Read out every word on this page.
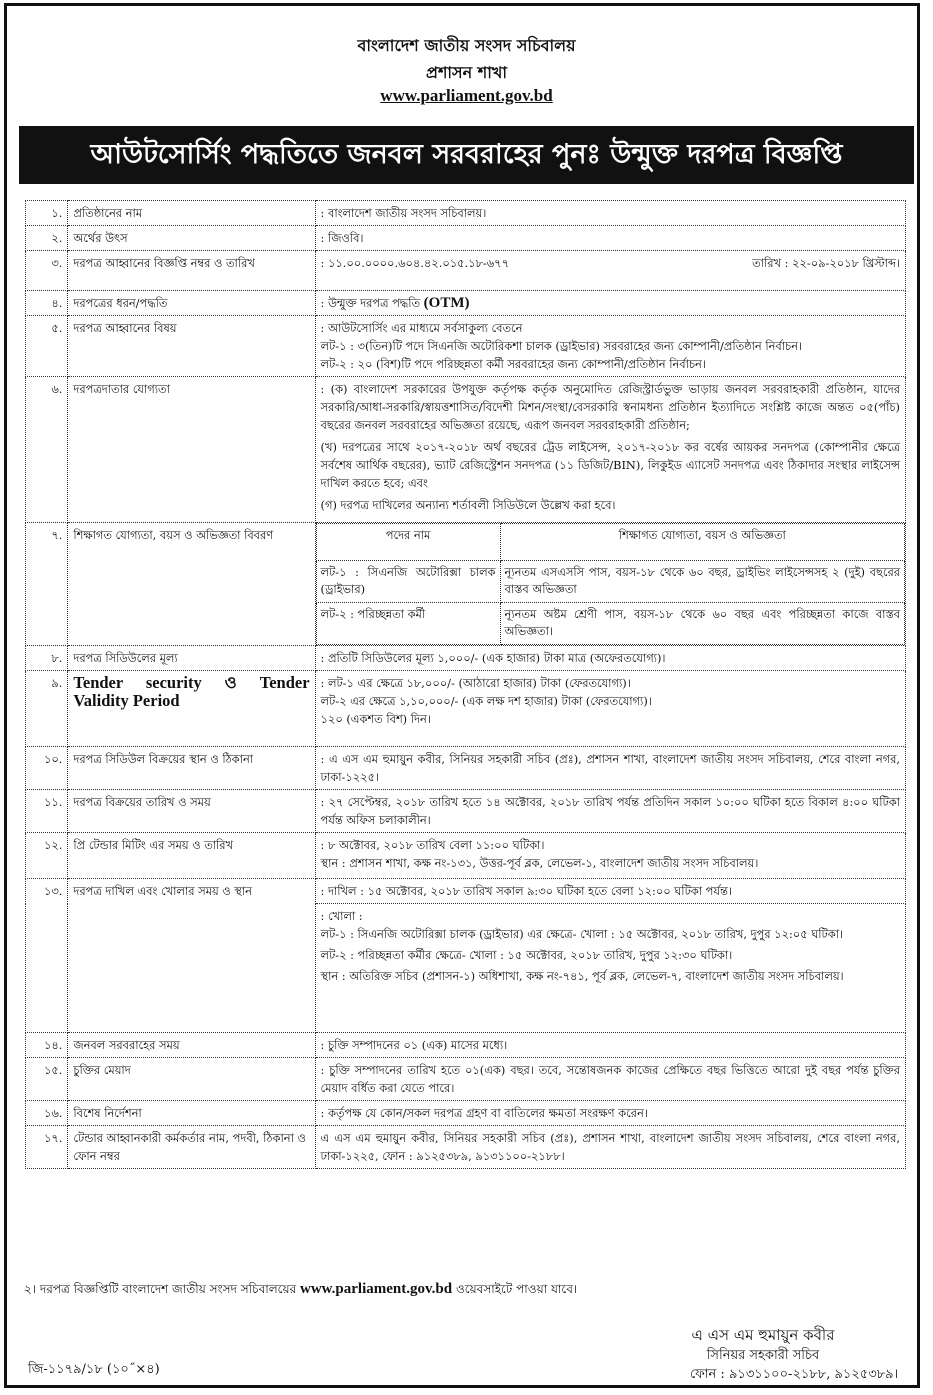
বাংলাদেশ জাতীয় সংসদ সচিবালয়
প্রশাসন শাখা
www.parliament.gov.bd
আউটসোর্সিং পদ্ধতিতে জনবল সরবরাহের পুনঃ উন্মুক্ত দরপত্র বিজ্ঞপ্তি
১.	প্রতিষ্ঠানের নাম	: বাংলাদেশ জাতীয় সংসদ সচিবালয়।
২.	অর্থের উৎস	: জিওবি।
৩.	দরপত্র আহ্বানের বিজ্ঞপ্তি নম্বর ও তারিখ	: ১১.০০.০০০০.৬০৪.৪২.০১৫.১৮-৬৭৭	তারিখ : ২২-০৯-২০১৮ খ্রিস্টাব্দ।

৪.	দরপত্রের ধরন/পদ্ধতি	: উন্মুক্ত দরপত্র পদ্ধতি (OTM)
৫.	দরপত্র আহ্বানের বিষয়	: আউটসোর্সিং এর মাধ্যমে সর্বসাকুল্য বেতনে
লট-১ : ৩(তিন)টি পদে সিএনজি অটোরিকশা চালক (ড্রাইভার) সরবরাহের জন্য কোম্পানী/প্রতিষ্ঠান নির্বাচন।
লট-২ : ২০ (বিশ)টি পদে পরিচ্ছন্নতা কর্মী সরবরাহের জন্য কোম্পানী/প্রতিষ্ঠান নির্বাচন।

৬.	দরপত্রদাতার যোগ্যতা	: (ক) বাংলাদেশ সরকারের উপযুক্ত কর্তৃপক্ষ কর্তৃক অনুমোদিত রেজিস্ট্রার্ডভুক্ত ভাড়ায় জনবল সরবরাহকারী প্রতিষ্ঠান, যাদের সরকারি/আধা-সরকারি/স্বায়ত্তশাসিত/বিদেশী মিশন/সংস্থা/বেসরকারি স্বনামধন্য প্রতিষ্ঠান ইত্যাদিতে সংশ্লিষ্ট কাজে অন্তত ০৫(পাঁচ) বছরের জনবল সরবরাহের অভিজ্ঞতা রয়েছে, এরূপ জনবল সরবরাহকারী প্রতিষ্ঠান;
(খ) দরপত্রের সাথে ২০১৭-২০১৮ অর্থ বছরের ট্রেড লাইসেন্স, ২০১৭-২০১৮ কর বর্ষের আয়কর সনদপত্র (কোম্পানীর ক্ষেত্রে সর্বশেষ আর্থিক বছরের), ভ্যাট রেজিস্ট্রেশন সনদপত্র (১১ ডিজিট/BIN), লিকুইড এ্যাসেট সনদপত্র এবং ঠিকাদার সংস্থার লাইসেন্স দাখিল করতে হবে; এবং
(গ) দরপত্র দাখিলের অন্যান্য শর্তাবলী সিডিউলে উল্লেখ করা হবে।

৭.	শিক্ষাগত যোগ্যতা, বয়স ও অভিজ্ঞতা বিবরণ		পদের নাম	শিক্ষাগত যোগ্যতা, বয়স ও অভিজ্ঞতা
লট-১ : সিএনজি অটোরিক্সা চালক (ড্রাইভার)	ন্যূনতম এসএসসি পাস, বয়স-১৮ থেকে ৬০ বছর, ড্রাইভিং লাইসেন্সসহ ২ (দুই) বছরের বাস্তব অভিজ্ঞতা
লট-২ : পরিচ্ছন্নতা কর্মী	ন্যূনতম অষ্টম শ্রেণী পাস, বয়স-১৮ থেকে ৬০ বছর এবং পরিচ্ছন্নতা কাজে বাস্তব অভিজ্ঞতা।

৮.	দরপত্র সিডিউলের মূল্য	: প্রতিটি সিডিউলের মূল্য ১,০০০/- (এক হাজার) টাকা মাত্র (অফেরতযোগ্য)।
৯.	Tender security ও Tender Validity Period	
: লট-১ এর ক্ষেত্রে ১৮,০০০/- (আঠারো হাজার) টাকা (ফেরতযোগ্য)।
লট-২ এর ক্ষেত্রে ১,১০,০০০/- (এক লক্ষ দশ হাজার) টাকা (ফেরতযোগ্য)।
১২০ (একশত বিশ) দিন।

১০.	দরপত্র সিডিউল বিক্রয়ের স্থান ও ঠিকানা	: এ এস এম হুমায়ুন কবীর, সিনিয়র সহকারী সচিব (প্রঃ), প্রশাসন শাখা, বাংলাদেশ জাতীয় সংসদ সচিবালয়, শেরে বাংলা নগর, ঢাকা-১২২৫।
১১.	দরপত্র বিক্রয়ের তারিখ ও সময়	: ২৭ সেপ্টেম্বর, ২০১৮ তারিখ হতে ১৪ অক্টোবর, ২০১৮ তারিখ পর্যন্ত প্রতিদিন সকাল ১০:০০ ঘটিকা হতে বিকাল ৪:০০ ঘটিকা পর্যন্ত অফিস চলাকালীন।
১২.	প্রি টেন্ডার মিটিং এর সময় ও তারিখ	: ৮ অক্টোবর, ২০১৮ তারিখ বেলা ১১:০০ ঘটিকা।
স্থান : প্রশাসন শাখা, কক্ষ নং-১৩১, উত্তর-পূর্ব ব্লক, লেভেল-১, বাংলাদেশ জাতীয় সংসদ সচিবালয়।

১৩.	দরপত্র দাখিল এবং খোলার সময় ও স্থান	: দাখিল : ১৫ অক্টোবর, ২০১৮ তারিখ সকাল ৯:৩০ ঘটিকা হতে বেলা ১২:০০ ঘটিকা পর্যন্ত।

: খোলা :
লট-১ : সিএনজি অটোরিক্সা চালক (ড্রাইভার) এর ক্ষেত্রে- খোলা : ১৫ অক্টোবর, ২০১৮ তারিখ, দুপুর ১২:০৫ ঘটিকা।
লট-২ : পরিচ্ছন্নতা কর্মীর ক্ষেত্রে- খোলা : ১৫ অক্টোবর, ২০১৮ তারিখ, দুপুর ১২:৩০ ঘটিকা।
স্থান : অতিরিক্ত সচিব (প্রশাসন-১) অধিশাখা, কক্ষ নং-৭৪১, পূর্ব ব্লক, লেভেল-৭, বাংলাদেশ জাতীয় সংসদ সচিবালয়।

১৪.	জনবল সরবরাহের সময়	: চুক্তি সম্পাদনের ০১ (এক) মাসের মধ্যে।
১৫.	চুক্তির মেয়াদ	: চুক্তি সম্পাদনের তারিখ হতে ০১(এক) বছর। তবে, সন্তোষজনক কাজের প্রেক্ষিতে বছর ভিত্তিতে আরো দুই বছর পর্যন্ত চুক্তির মেয়াদ বর্ধিত করা যেতে পারে।
১৬.	বিশেষ নির্দেশনা	: কর্তৃপক্ষ যে কোন/সকল দরপত্র গ্রহণ বা বাতিলের ক্ষমতা সংরক্ষণ করেন।
১৭.	টেন্ডার আহ্বানকারী কর্মকর্তার নাম, পদবী, ঠিকানা ও ফোন নম্বর	এ এস এম হুমায়ুন কবীর, সিনিয়র সহকারী সচিব (প্রঃ), প্রশাসন শাখা, বাংলাদেশ জাতীয় সংসদ সচিবালয়, শেরে বাংলা নগর, ঢাকা-১২২৫, ফোন : ৯১২৫৩৮৯, ৯১৩১১০০-২১৮৮।
২। দরপত্র বিজ্ঞপ্তিটি বাংলাদেশ জাতীয় সংসদ সচিবালয়ের www.parliament.gov.bd ওয়েবসাইটে পাওয়া যাবে।
এ এস এম হুমায়ুন কবীর
সিনিয়র সহকারী সচিব
ফোন : ৯১৩১১০০-২১৮৮, ৯১২৫৩৮৯।
জি-১১৭৯/১৮ (১০˝×৪)
